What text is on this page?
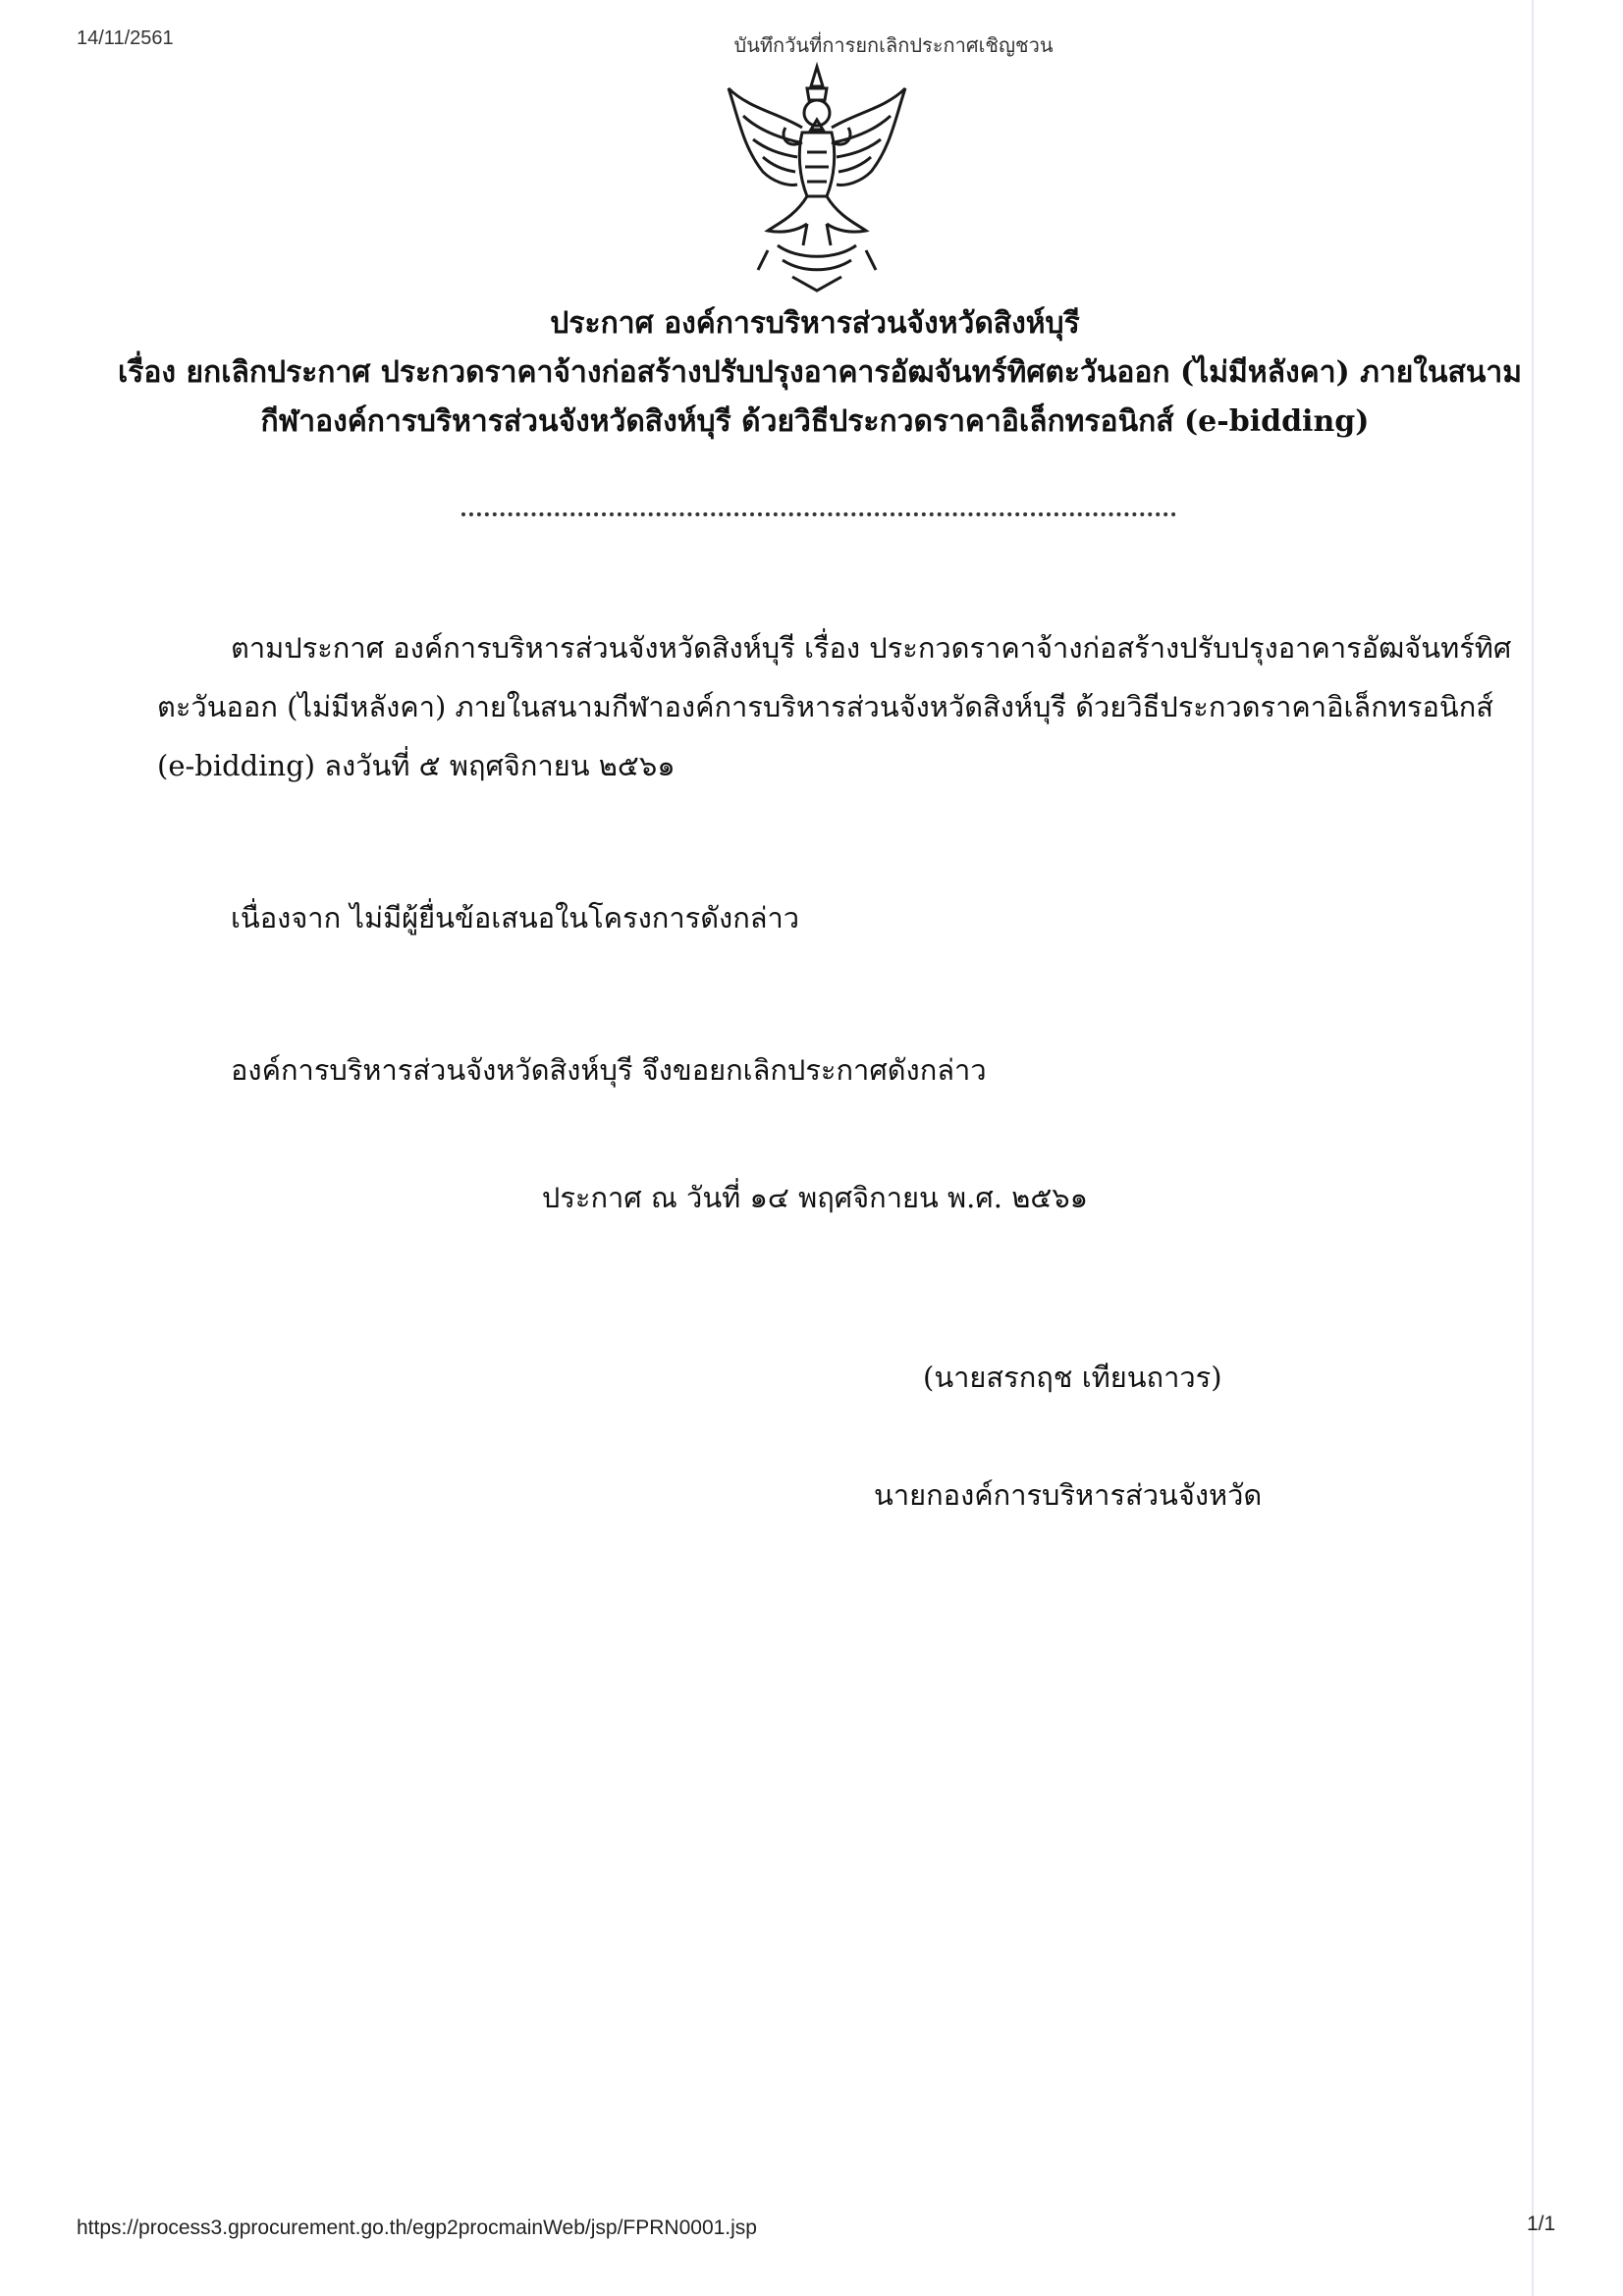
14/11/2561	บันทึกวันที่การยกเลิกประกาศเชิญชวน
ประกาศ องค์การบริหารส่วนจังหวัดสิงห์บุรี
เรื่อง ยกเลิกประกาศ ประกวดราคาจ้างก่อสร้างปรับปรุงอาคารอัฒจันทร์ทิศตะวันออก (ไม่มีหลังคา) ภายในสนาม
กีฬาองค์การบริหารส่วนจังหวัดสิงห์บุรี ด้วยวิธีประกวดราคาอิเล็กทรอนิกส์ (e-bidding)
ตามประกาศ องค์การบริหารส่วนจังหวัดสิงห์บุรี เรื่อง ประกวดราคาจ้างก่อสร้างปรับปรุงอาคารอัฒจันทร์ทิศ
ตะวันออก (ไม่มีหลังคา) ภายในสนามกีฬาองค์การบริหารส่วนจังหวัดสิงห์บุรี ด้วยวิธีประกวดราคาอิเล็กทรอนิกส์
(e-bidding) ลงวันที่ ๕ พฤศจิกายน ๒๕๖๑
เนื่องจาก ไม่มีผู้ยื่นข้อเสนอในโครงการดังกล่าว
องค์การบริหารส่วนจังหวัดสิงห์บุรี จึงขอยกเลิกประกาศดังกล่าว
ประกาศ ณ วันที่ ๑๔ พฤศจิกายน พ.ศ. ๒๕๖๑
(นายสรกฤช เทียนถาวร)
นายกองค์การบริหารส่วนจังหวัด
https://process3.gprocurement.go.th/egp2procmainWeb/jsp/FPRN0001.jsp	1/1
